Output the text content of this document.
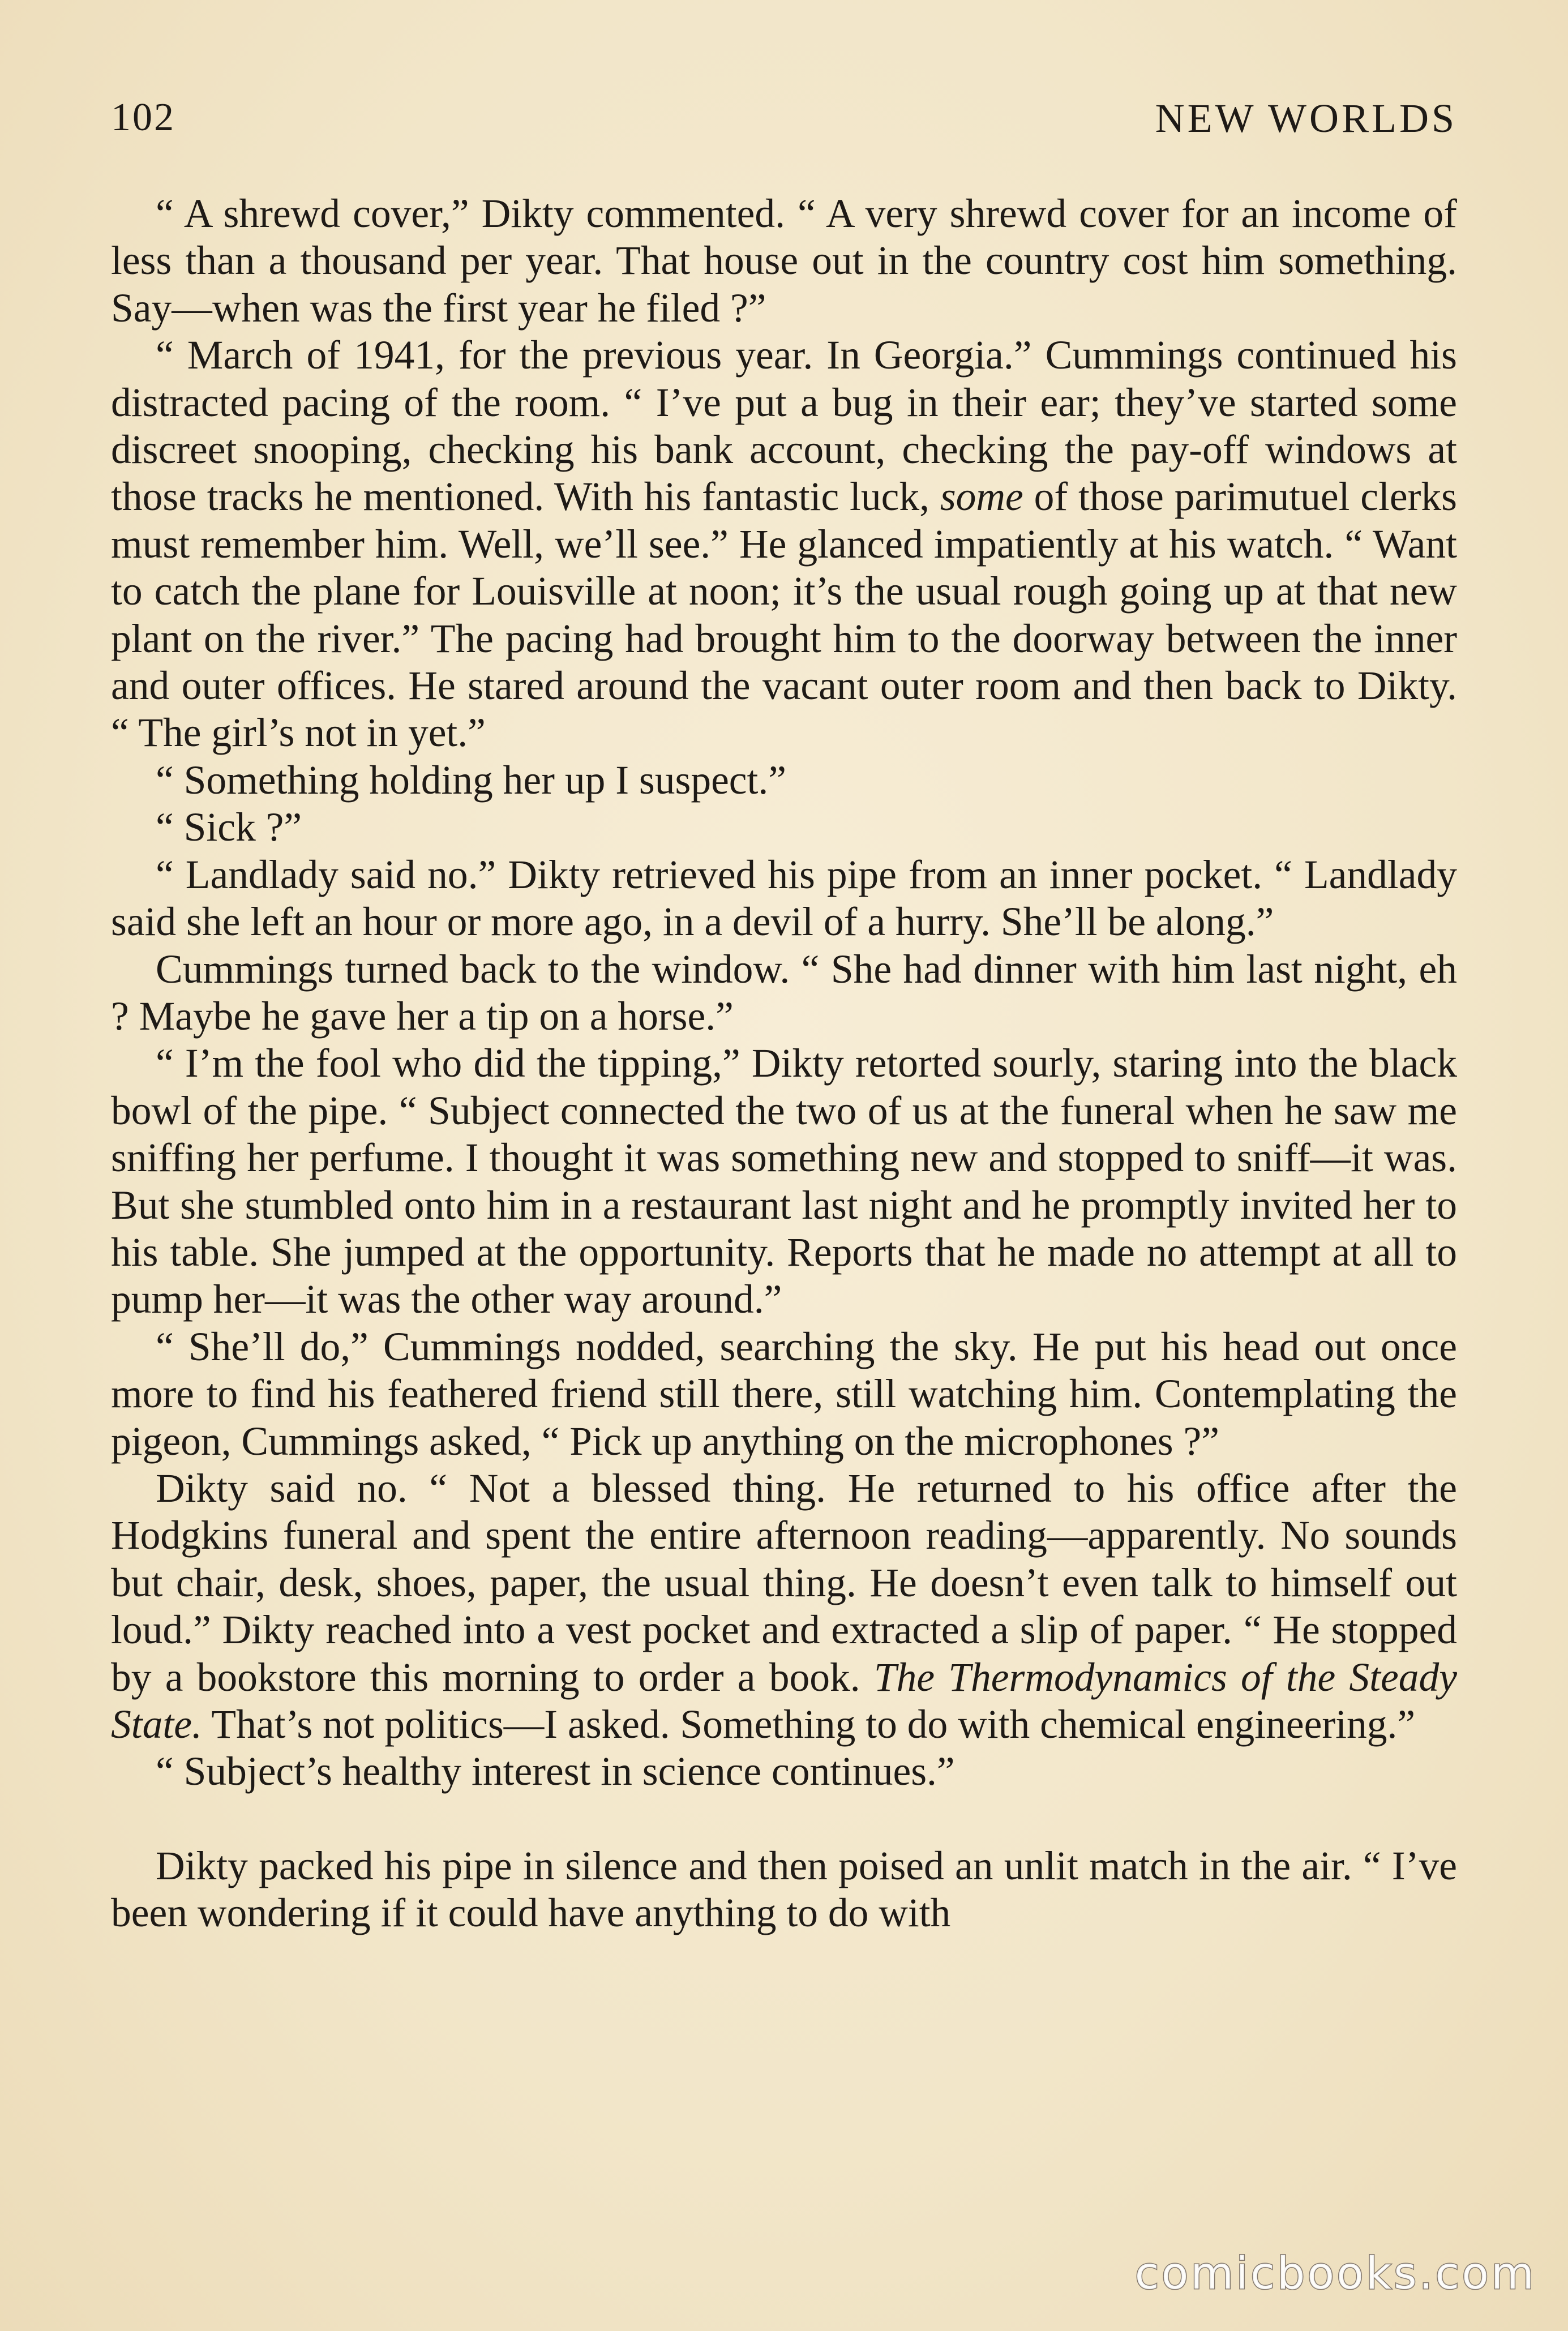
102	NEW WORLDS

“ A shrewd cover,” Dikty commented. “ A very shrewd cover for an income of less than a thousand per year. That house out in the country cost him something. Say—when was the first year he filed ?”

“ March of 1941, for the previous year. In Georgia.” Cummings continued his distracted pacing of the room. “ I’ve put a bug in their ear; they’ve started some discreet snooping, checking his bank account, checking the pay-off windows at those tracks he mentioned. With his fantastic luck, some of those parimutuel clerks must remember him. Well, we’ll see.” He glanced impatiently at his watch. “ Want to catch the plane for Louisville at noon; it’s the usual rough going up at that new plant on the river.” The pacing had brought him to the doorway between the inner and outer offices. He stared around the vacant outer room and then back to Dikty. “ The girl’s not in yet.”

“ Something holding her up I suspect.”

“ Sick ?”

“ Landlady said no.” Dikty retrieved his pipe from an inner pocket. “ Landlady said she left an hour or more ago, in a devil of a hurry. She’ll be along.”

Cummings turned back to the window. “ She had dinner with him last night, eh ? Maybe he gave her a tip on a horse.”

“ I’m the fool who did the tipping,” Dikty retorted sourly, staring into the black bowl of the pipe. “ Subject connected the two of us at the funeral when he saw me sniffing her perfume. I thought it was something new and stopped to sniff—it was. But she stumbled onto him in a restaurant last night and he promptly invited her to his table. She jumped at the opportunity. Reports that he made no attempt at all to pump her—it was the other way around.”

“ She’ll do,” Cummings nodded, searching the sky. He put his head out once more to find his feathered friend still there, still watching him. Contemplating the pigeon, Cummings asked, “ Pick up anything on the microphones ?”

Dikty said no. “ Not a blessed thing. He returned to his office after the Hodgkins funeral and spent the entire afternoon reading—apparently. No sounds but chair, desk, shoes, paper, the usual thing. He doesn’t even talk to himself out loud.” Dikty reached into a vest pocket and extracted a slip of paper. “ He stopped by a bookstore this morning to order a book. The Thermodynamics of the Steady State. That’s not politics—I asked. Something to do with chemical engineering.”

“ Subject’s healthy interest in science continues.”

Dikty packed his pipe in silence and then poised an unlit match in the air. “ I’ve been wondering if it could have anything to do with

comicbooks.com
